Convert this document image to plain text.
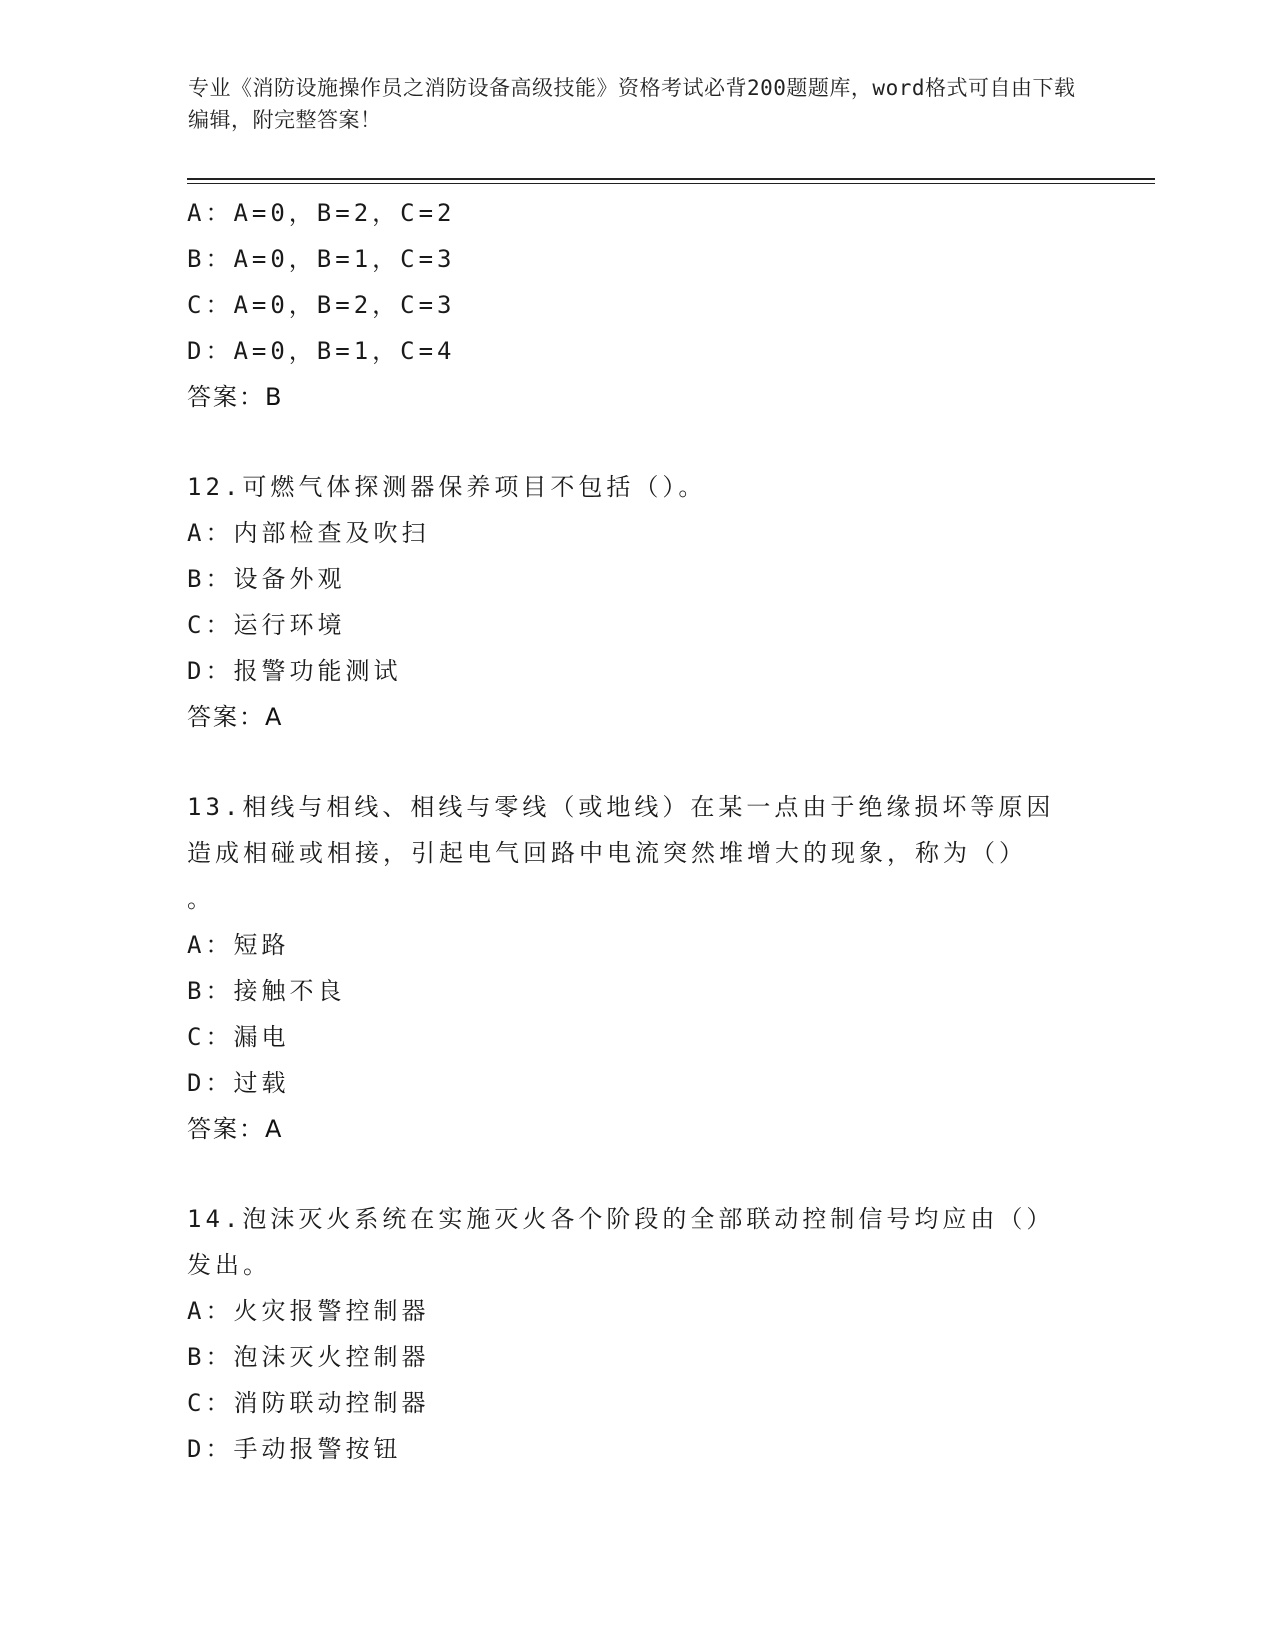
专业《消防设施操作员之消防设备高级技能》资格考试必背200题题库，word格式可自由下载编辑，附完整答案！
A：A=0，B=2，C=2
B：A=0，B=1，C=3
C：A=0，B=2，C=3
D：A=0，B=1，C=4
答案：B
12.可燃气体探测器保养项目不包括（）。
A：内部检查及吹扫
B：设备外观
C：运行环境
D：报警功能测试
答案：A
13.相线与相线、相线与零线（或地线）在某一点由于绝缘损坏等原因
造成相碰或相接，引起电气回路中电流突然堆增大的现象，称为（）
。
A：短路
B：接触不良
C：漏电
D：过载
答案：A
14.泡沫灭火系统在实施灭火各个阶段的全部联动控制信号均应由（）
发出。
A：火灾报警控制器
B：泡沫灭火控制器
C：消防联动控制器
D：手动报警按钮
